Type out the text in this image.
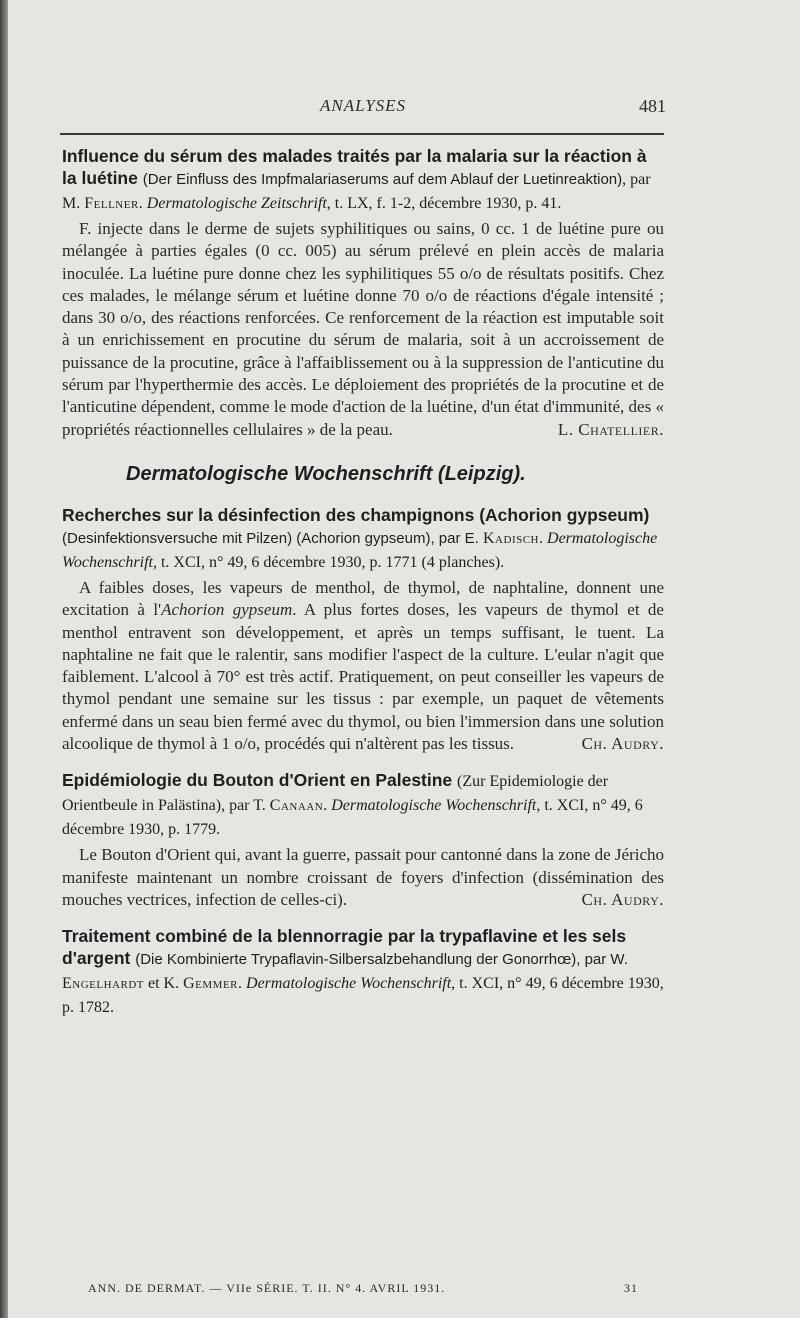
ANALYSES	481
Influence du sérum des malades traités par la malaria sur la réaction à la luétine (Der Einfluss des Impfmalariaserums auf dem Ablauf der Luetinreaktion), par M. Fellner. Dermatologische Zeitschrift, t. LX, f. 1-2, décembre 1930, p. 41.
F. injecte dans le derme de sujets syphilitiques ou sains, 0 cc. 1 de luétine pure ou mélangée à parties égales (0 cc. 005) au sérum prélevé en plein accès de malaria inoculée. La luétine pure donne chez les syphilitiques 55 o/o de résultats positifs. Chez ces malades, le mélange sérum et luétine donne 70 o/o de réactions d'égale intensité ; dans 30 o/o, des réactions renforcées. Ce renforcement de la réaction est imputable soit à un enrichissement en procutine du sérum de malaria, soit à un accroissement de puissance de la procutine, grâce à l'affaiblissement ou à la suppression de l'anticutine du sérum par l'hyperthermie des accès. Le déploiement des propriétés de la procutine et de l'anticutine dépendent, comme le mode d'action de la luétine, d'un état d'immunité, des « propriétés réactionnelles cellulaires » de la peau.	L. Chatellier.
Dermatologische Wochenschrift (Leipzig).
Recherches sur la désinfection des champignons (Achorion gypseum) (Desinfektionsversuche mit Pilzen) (Achorion gypseum), par E. Kadisch. Dermatologische Wochenschrift, t. XCI, n° 49, 6 décembre 1930, p. 1771 (4 planches).
A faibles doses, les vapeurs de menthol, de thymol, de naphtaline, donnent une excitation à l'Achorion gypseum. A plus fortes doses, les vapeurs de thymol et de menthol entravent son développement, et après un temps suffisant, le tuent. La naphtaline ne fait que le ralentir, sans modifier l'aspect de la culture. L'eular n'agit que faiblement. L'alcool à 70° est très actif. Pratiquement, on peut conseiller les vapeurs de thymol pendant une semaine sur les tissus : par exemple, un paquet de vêtements enfermé dans un seau bien fermé avec du thymol, ou bien l'immersion dans une solution alcoolique de thymol à 1 o/o, procédés qui n'altèrent pas les tissus.	Ch. Audry.
Epidémiologie du Bouton d'Orient en Palestine (Zur Epidemiologie der Orientbeule in Palästina), par T. Canaan. Dermatologische Wochenschrift, t. XCI, n° 49, 6 décembre 1930, p. 1779.
Le Bouton d'Orient qui, avant la guerre, passait pour cantonné dans la zone de Jéricho manifeste maintenant un nombre croissant de foyers d'infection (dissémination des mouches vectrices, infection de celles-ci).	Ch. Audry.
Traitement combiné de la blennorragie par la trypaflavine et les sels d'argent (Die Kombinierte Trypaflavin-Silbersalzbehandlung der Gonorrhœ), par W. Engelhardt et K. Gemmer. Dermatologische Wochenschrift, t. XCI, n° 49, 6 décembre 1930, p. 1782.
ANN. DE DERMAT. — VIIe SÉRIE. T. II. N° 4. AVRIL 1931.	31
